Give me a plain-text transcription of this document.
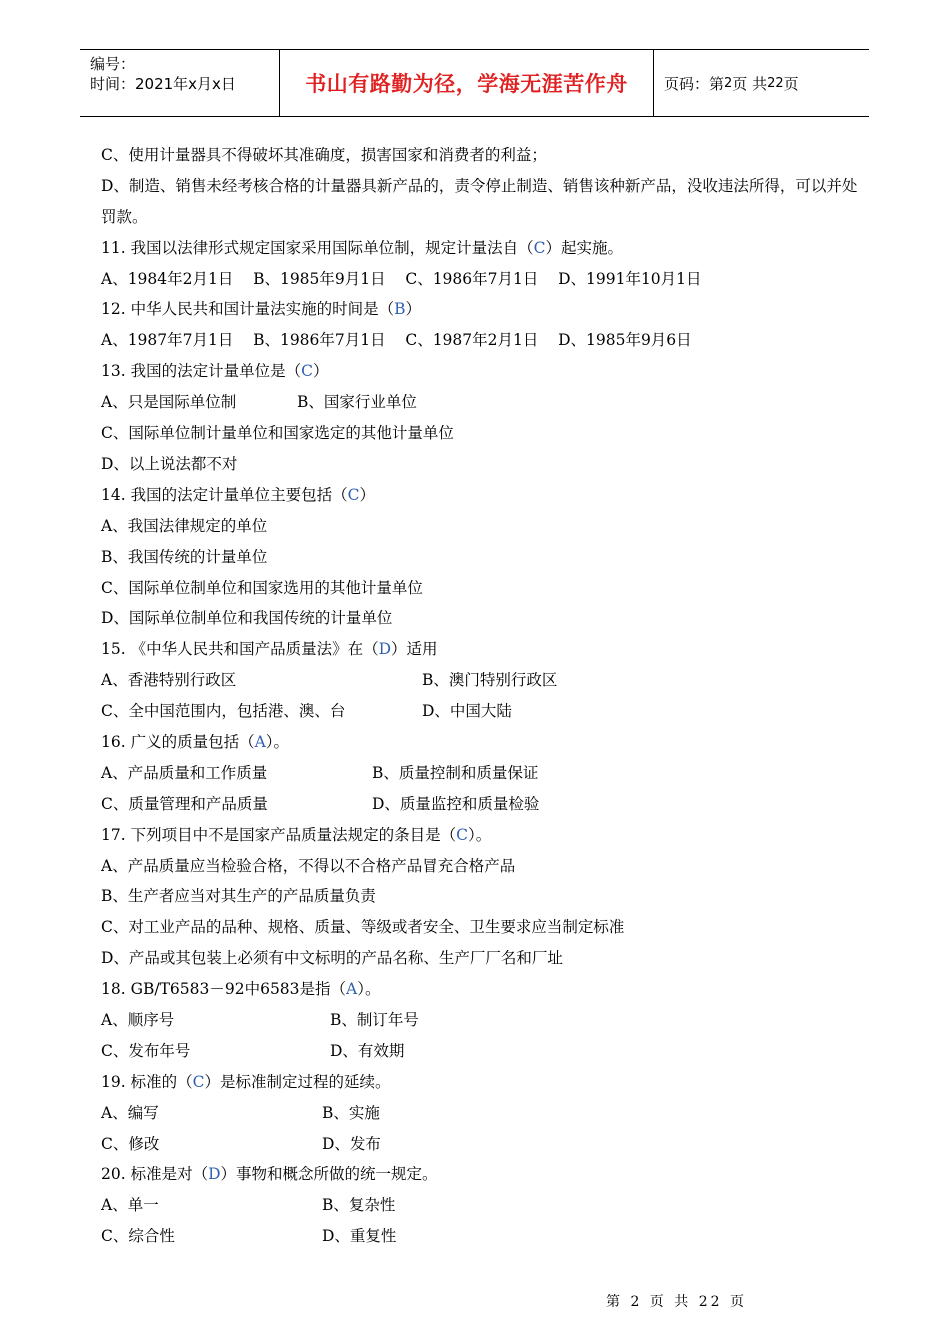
编号：
时间：2021年x月x日	书山有路勤为径，学海无涯苦作舟	页码：第 2 页 共 22 页
C、使用计量器具不得破坏其准确度，损害国家和消费者的利益；
D、制造、销售未经考核合格的计量器具新产品的，责令停止制造、销售该种新产品，没收违法所得，可以并处罚款。
11. 我国以法律形式规定国家采用国际单位制，规定计量法自（C）起实施。
A、1984年2月1日    B、1985年9月1日    C、1986年7月1日    D、1991年10月1日
12. 中华人民共和国计量法实施的时间是（B）
A、1987年7月1日    B、1986年7月1日    C、1987年2月1日    D、1985年9月6日
13. 我国的法定计量单位是（C）
A、只是国际单位制	B、国家行业单位
C、国际单位制计量单位和国家选定的其他计量单位
D、以上说法都不对
14. 我国的法定计量单位主要包括（C）
A、我国法律规定的单位
B、我国传统的计量单位
C、国际单位制单位和国家选用的其他计量单位
D、国际单位制单位和我国传统的计量单位
15. 《中华人民共和国产品质量法》在（D）适用
A、香港特别行政区	B、澳门特别行政区
C、全中国范围内，包括港、澳、台	D、中国大陆
16. 广义的质量包括（A）。
A、产品质量和工作质量	B、质量控制和质量保证
C、质量管理和产品质量	D、质量监控和质量检验
17. 下列项目中不是国家产品质量法规定的条目是（C）。
A、产品质量应当检验合格，不得以不合格产品冒充合格产品
B、生产者应当对其生产的产品质量负责
C、对工业产品的品种、规格、质量、等级或者安全、卫生要求应当制定标准
D、产品或其包装上必须有中文标明的产品名称、生产厂厂名和厂址
18. GB/T6583－92中6583是指（A）。
A、顺序号	B、制订年号
C、发布年号	D、有效期
19. 标准的（C）是标准制定过程的延续。
A、编写	B、实施
C、修改	D、发布
20. 标准是对（D）事物和概念所做的统一规定。
A、单一	B、复杂性
C、综合性	D、重复性
第 2 页 共 22 页
